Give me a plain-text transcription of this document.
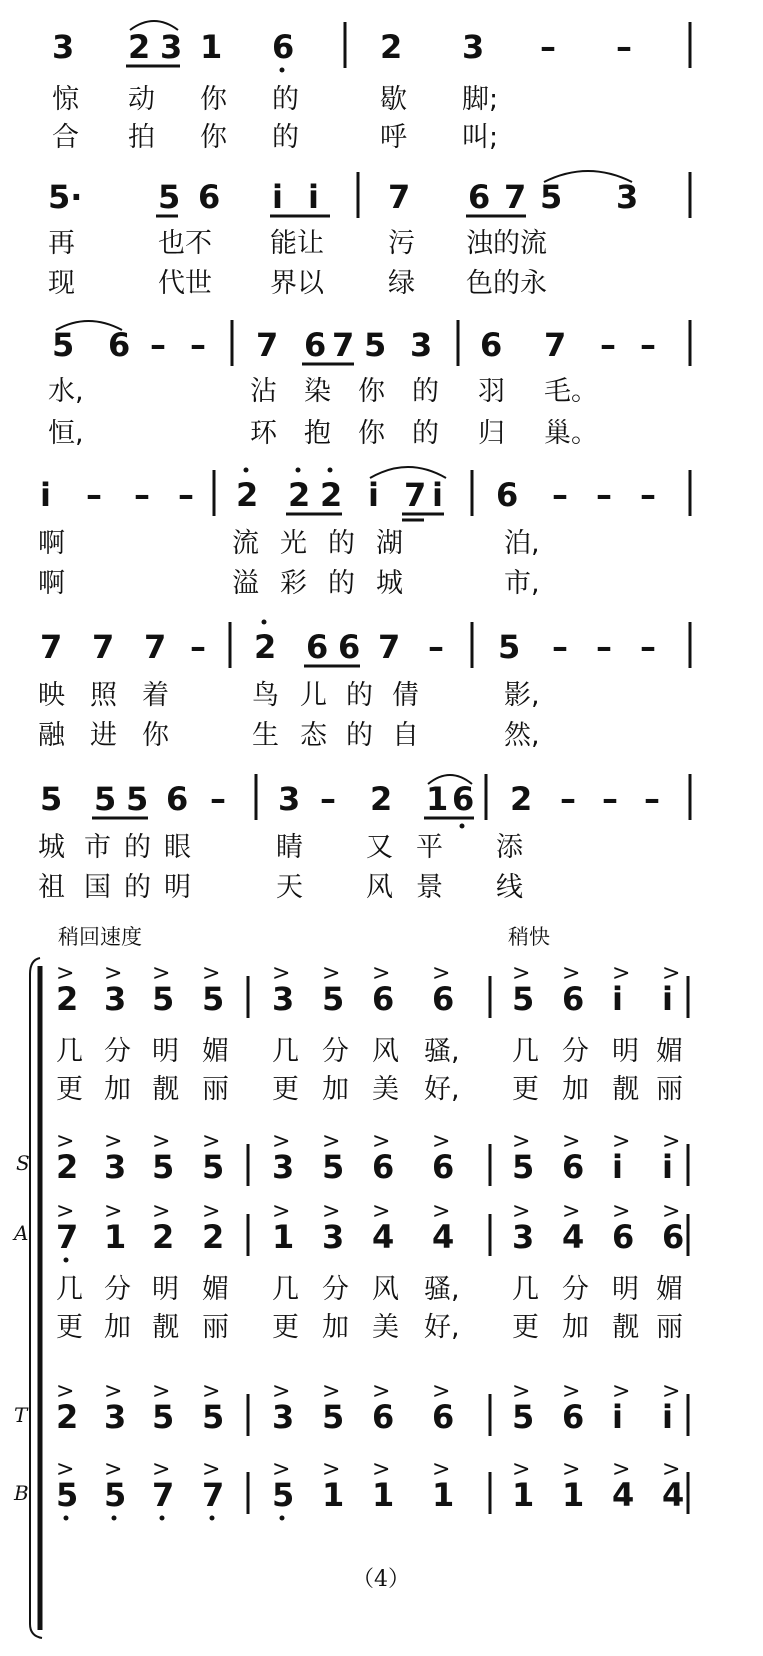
3 2 3 1 6	2 3 – –
惊 动 你 的	歇 脚;
合 拍 你 的	呼 叫;
5· 5 6 i i 7 6 7 5 3
再	也不 能让 污 浊的流
现	代世 界以 绿 色的永
5 6 – – 7 6 7 5 3 6 7 – –
水,	沾 染 你 的 羽 毛。
恒,	环 抱 你 的 归 巢。
i – – – 2 2 2 i 7 i 6 – – –
啊	流 光 的 湖	泊,
啊	溢 彩 的 城	市,
7 7 7 – 2 6 6 7 – 5 – – –
映 照 着	鸟 儿 的 倩	影,
融 进 你	生 态 的 自	然,
5 5 5 6 – 3 – 2 1 6 2 – – –
城 市 的 眼	睛 又 平 添
祖 国 的 明	天 风 景 线
稍回速度	稍快
S
A
T
B
> > > > > > > >	> > > >
2 3 5 5 3 5 6 6 5 6 i i
几 分 明 媚 几 分 风 骚, 几 分 明 媚
更 加 靓 丽 更 加 美 好, 更 加 靓 丽
> > > > > > > >	> > > >
2 3 5 5 3 5 6 6 5 6 i i
> > > > > > > >	> > > >
7 1 2 2 1 3 4 4 3 4 6 6
几 分 明 媚 几 分 风 骚, 几 分 明 媚
更 加 靓 丽 更 加 美 好, 更 加 靓 丽
> > > > > > > >	> > > >
2 3 5 5 3 5 6 6 5 6 i i
> > > > > > > >	> > > >
5 5 7 7 5 1 1 1 1 1 4 4
（4）
